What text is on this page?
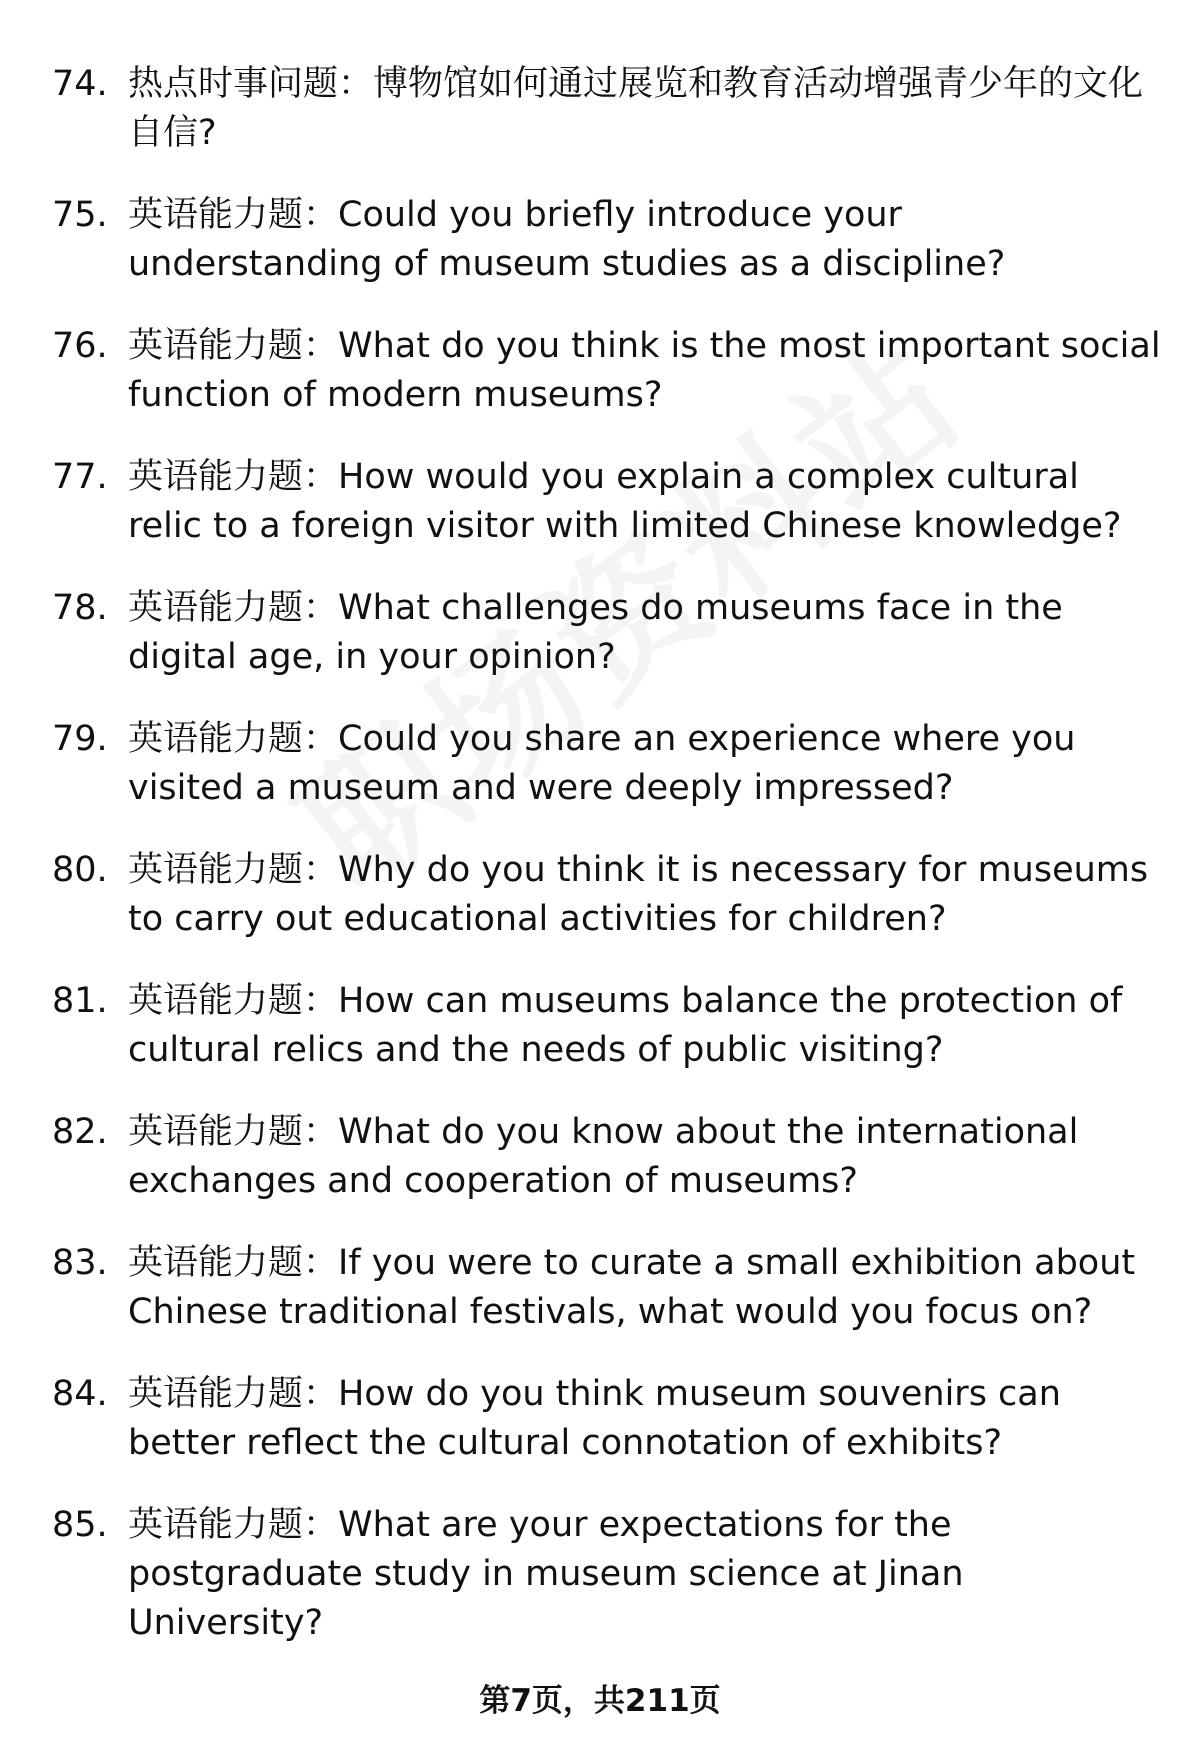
74. 热点时事问题：博物馆如何通过展览和教育活动增强青少年的文化自信?
75. 英语能力题：Could you briefly introduce your understanding of museum studies as a discipline?
76. 英语能力题：What do you think is the most important social function of modern museums?
77. 英语能力题：How would you explain a complex cultural relic to a foreign visitor with limited Chinese knowledge?
78. 英语能力题：What challenges do museums face in the digital age, in your opinion?
79. 英语能力题：Could you share an experience where you visited a museum and were deeply impressed?
80. 英语能力题：Why do you think it is necessary for museums to carry out educational activities for children?
81. 英语能力题：How can museums balance the protection of cultural relics and the needs of public visiting?
82. 英语能力题：What do you know about the international exchanges and cooperation of museums?
83. 英语能力题：If you were to curate a small exhibition about Chinese traditional festivals, what would you focus on?
84. 英语能力题：How do you think museum souvenirs can better reflect the cultural connotation of exhibits?
85. 英语能力题：What are your expectations for the postgraduate study in museum science at Jinan University?
第7页，共211页
